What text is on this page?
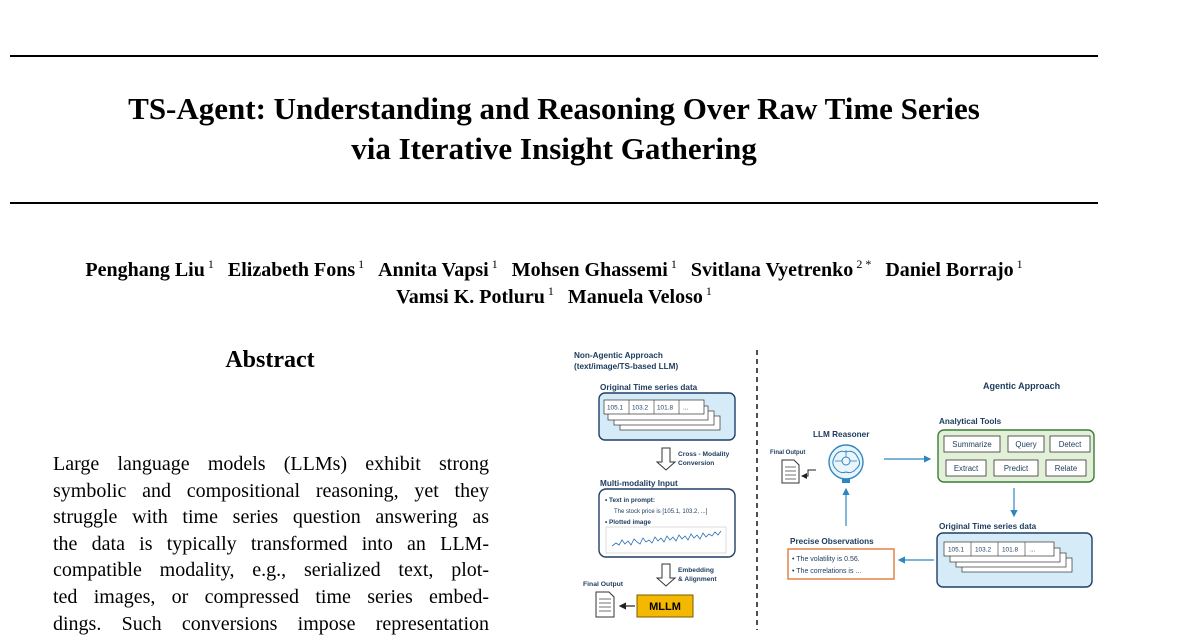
TS-Agent: Understanding and Reasoning Over Raw Time Series
via Iterative Insight Gathering
Penghang Liu $^1$ Elizabeth Fons $^1$ Annita Vapsi $^1$ Mohsen Ghassemi $^1$ Svitlana Vyetrenko $^{2 *}$ Daniel Borrajo $^1$
Vamsi K. Potluru $^1$ Manuela Veloso $^1$
Abstract
Large language models (LLMs) exhibit strong
symbolic and compositional reasoning, yet they
struggle with time series question answering as
the data is typically transformed into an LLM-
compatible modality, e.g., serialized text, plot-
ted images, or compressed time series embed-
dings. Such conversions impose representation
Non-Agentic Approach
(text/image/TS-based LLM)
Original Time series data
105.1 103.2 101.8 ...
Cross - Modality
Conversion
Multi-modality Input
• Text in prompt:
The stock price is [105.1, 103.2, ...]
• Plotted image
Embedding
& Alignment
Final Output
MLLM
Agentic Approach
LLM Reasoner
Final Output
Analytical Tools
Summarize	Query	Detect
Extract	Predict	Relate
Original Time series data
105.1 103.2 101.8 ...
Precise Observations
• The volatility is 0.56.
• The correlations is ...
